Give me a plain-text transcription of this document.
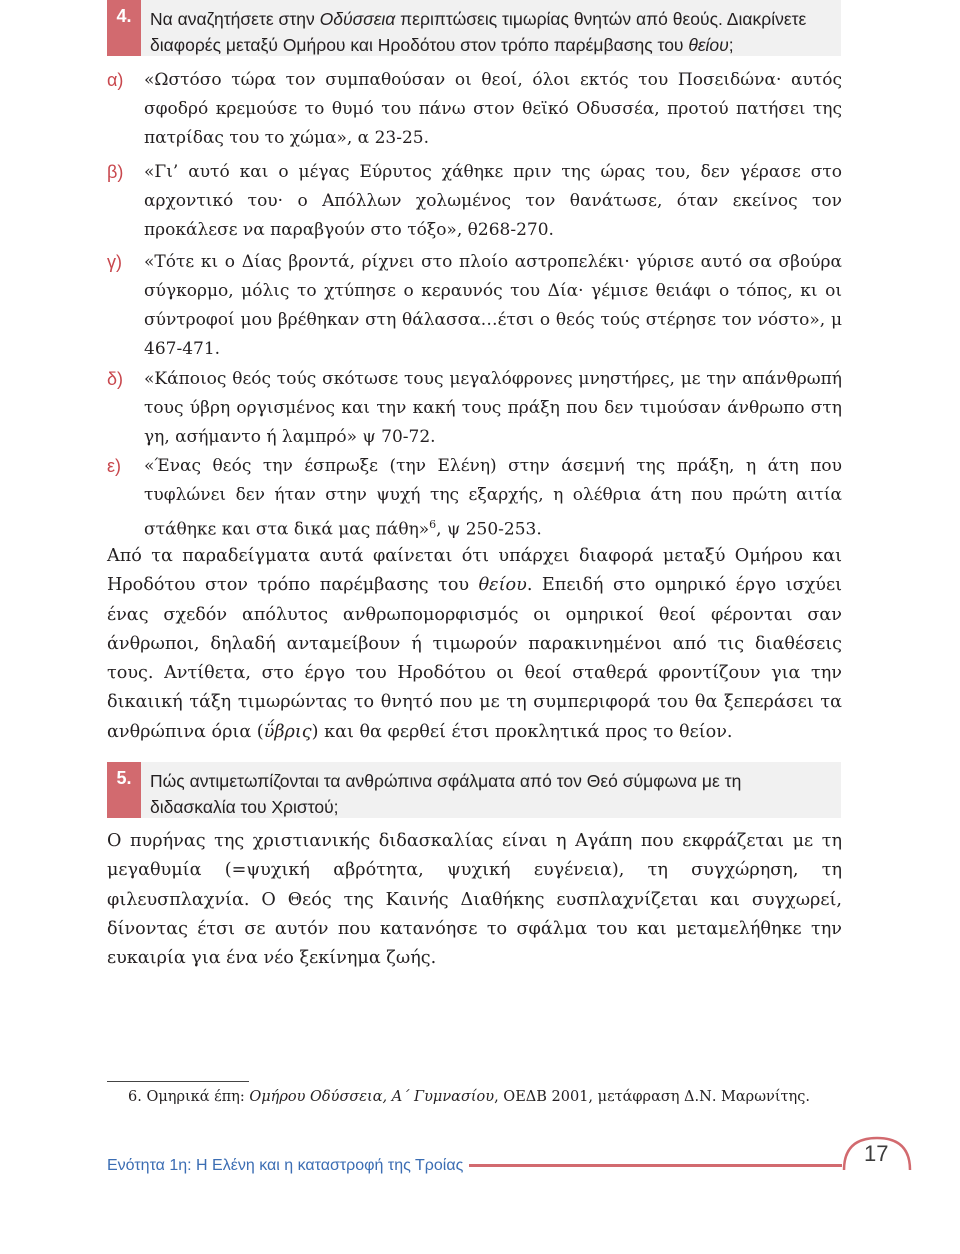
4.	Να αναζητήσετε στην Οδύσσεια περιπτώσεις τιμωρίας θνητών από θεούς. Διακρίνετε διαφορές μεταξύ Ομήρου και Ηροδότου στον τρόπο παρέμβασης του θείου;
α) «Ωστόσο τώρα τον συμπαθούσαν οι θεοί, όλοι εκτός του Ποσειδώνα· αυτός σφοδρό κρεμούσε το θυμό του πάνω στον θεϊκό Οδυσσέα, προτού πατήσει της πατρίδας του το χώμα», α 23-25.
β) «Γι’ αυτό και ο μέγας Εύρυτος χάθηκε πριν της ώρας του, δεν γέρασε στο αρχοντικό του· ο Απόλλων χολωμένος τον θανάτωσε, όταν εκείνος τον προκάλεσε να παραβγούν στο τόξο», θ268-270.
γ) «Τότε κι ο Δίας βροντά, ρίχνει στο πλοίο αστροπελέκι· γύρισε αυτό σα σβούρα σύγκορμο, μόλις το χτύπησε ο κεραυνός του Δία· γέμισε θειάφι ο τόπος, κι οι σύντροφοί μου βρέθηκαν στη θάλασσα…έτσι ο θεός τούς στέρησε τον νόστο», μ 467-471.
δ) «Κάποιος θεός τούς σκότωσε τους μεγαλόφρονες μνηστήρες, με την απάνθρωπή τους ύβρη οργισμένος και την κακή τους πράξη που δεν τιμούσαν άνθρωπο στη γη, ασήμαντο ή λαμπρό» ψ 70-72.
ε) «Ένας θεός την έσπρωξε (την Ελένη) στην άσεμνή της πράξη, η άτη που τυφλώνει δεν ήταν στην ψυχή της εξαρχής, η ολέθρια άτη που πρώτη αιτία στάθηκε και στα δικά μας πάθη»$^6$, ψ 250-253.
Από τα παραδείγματα αυτά φαίνεται ότι υπάρχει διαφορά μεταξύ Ομήρου και Ηροδότου στον τρόπο παρέμβασης του θείου. Επειδή στο ομηρικό έργο ισχύει ένας σχεδόν απόλυτος ανθρωπομορφισμός οι ομηρικοί θεοί φέρονται σαν άνθρωποι, δηλαδή ανταμείβουν ή τιμωρούν παρακινημένοι από τις διαθέσεις τους. Αντίθετα, στο έργο του Ηροδότου οι θεοί σταθερά φροντίζουν για την δικαιική τάξη τιμωρώντας το θνητό που με τη συμπεριφορά του θα ξεπεράσει τα ανθρώπινα όρια (ΰβρις) και θα φερθεί έτσι προκλητικά προς το θείον.
5.	Πώς αντιμετωπίζονται τα ανθρώπινα σφάλματα από τον Θεό σύμφωνα με τη διδασκαλία του Χριστού;
Ο πυρήνας της χριστιανικής διδασκαλίας είναι η Αγάπη που εκφράζεται με τη μεγαθυμία (=ψυχική αβρότητα, ψυχική ευγένεια), τη συγχώρηση, τη φιλευσπλαχνία. Ο Θεός της Καινής Διαθήκης ευσπλαχνίζεται και συγχωρεί, δίνοντας έτσι σε αυτόν που κατανόησε το σφάλμα του και μεταμελήθηκε την ευκαιρία για ένα νέο ξεκίνημα ζωής.
6. Ομηρικά έπη: Ομήρου Οδύσσεια, Α΄ Γυμνασίου, ΟΕΔΒ 2001, μετάφραση Δ.Ν. Μαρωνίτης.
Ενότητα 1η: Η Ελένη και η καταστροφή της Τροίας	17
